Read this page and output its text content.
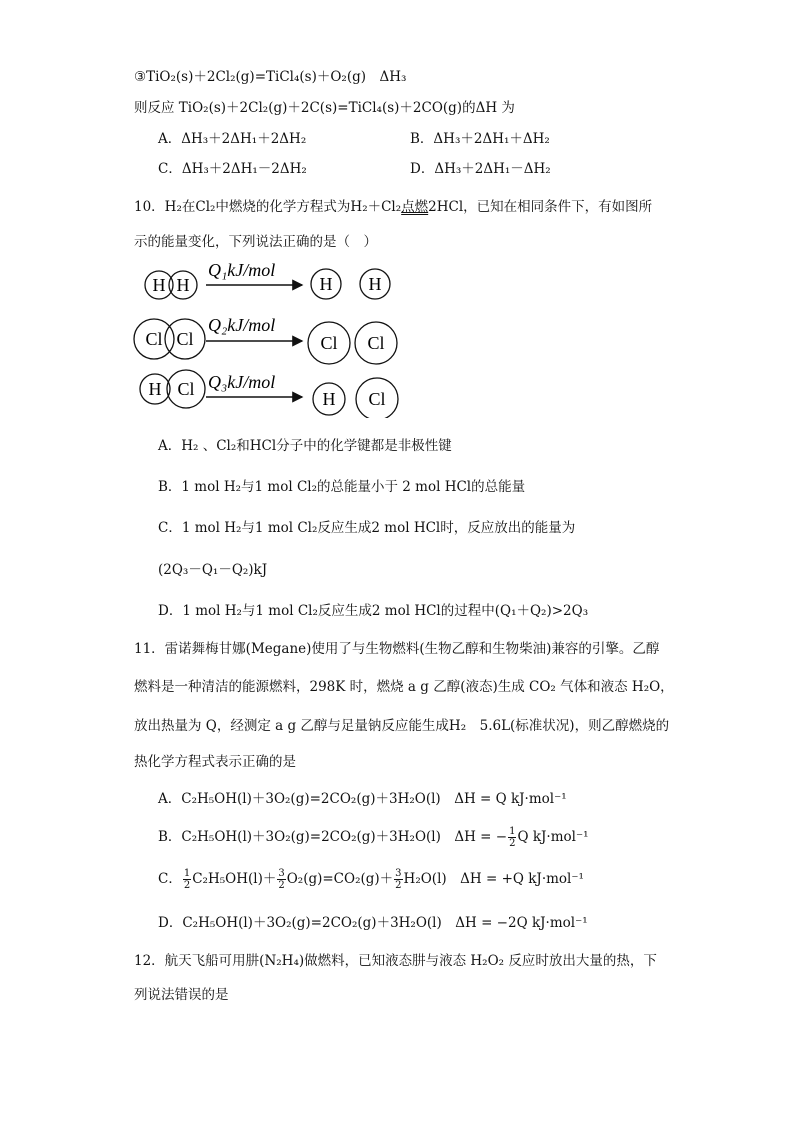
③TiO₂(s)＋2Cl₂(g)=TiCl₄(s)＋O₂(g)　ΔH₃
则反应 TiO₂(s)＋2Cl₂(g)＋2C(s)=TiCl₄(s)＋2CO(g)的ΔH 为
A．ΔH₃＋2ΔH₁＋2ΔH₂	B．ΔH₃＋2ΔH₁＋ΔH₂
C．ΔH₃＋2ΔH₁－2ΔH₂	D．ΔH₃＋2ΔH₁－ΔH₂
10．H₂在Cl₂中燃烧的化学方程式为H₂＋Cl₂点燃2HCl，已知在相同条件下，有如图所
示的能量变化，下列说法正确的是（　）
H H
Q₁kJ/mol
H H
Cl Cl
Q₂kJ/mol
Cl Cl
H Cl Q₃kJ/mol
H Cl
A．H₂ 、Cl₂和HCl分子中的化学键都是非极性键
B．1 mol H₂与1 mol Cl₂的总能量小于 2 mol HCl的总能量
C．1 mol H₂与1 mol Cl₂反应生成2 mol HCl时，反应放出的能量为
(2Q₃－Q₁－Q₂)kJ
D．1 mol H₂与1 mol Cl₂反应生成2 mol HCl的过程中(Q₁＋Q₂)>2Q₃
11．雷诺舞梅甘娜(Megane)使用了与生物燃料(生物乙醇和生物柴油)兼容的引擎。乙醇
燃料是一种清洁的能源燃料，298K 时，燃烧 a g 乙醇(液态)生成 CO₂ 气体和液态 H₂O，
放出热量为 Q，经测定 a g 乙醇与足量钠反应能生成H₂　5.6L(标准状况)，则乙醇燃烧的
热化学方程式表示正确的是
A．C₂H₅OH(l)＋3O₂(g)=2CO₂(g)＋3H₂O(l)　ΔH = Q kJ·mol⁻¹
B．C₂H₅OH(l)＋3O₂(g)=2CO₂(g)＋3H₂O(l)　ΔH = − $\frac{1}{2}$ Q kJ·mol⁻¹
C． $\frac{1}{2} C_2H_5OH(l)+ \frac{3}{2} O_2(g)=CO_2(g)+ \frac{3}{2} H_2O(l)$　ΔH = +Q kJ·mol⁻¹
D．C₂H₅OH(l)＋3O₂(g)=2CO₂(g)＋3H₂O(l)　ΔH = −2Q kJ·mol⁻¹
12．航天飞船可用肼(N₂H₄)做燃料，已知液态肼与液态 H₂O₂ 反应时放出大量的热，下
列说法错误的是
